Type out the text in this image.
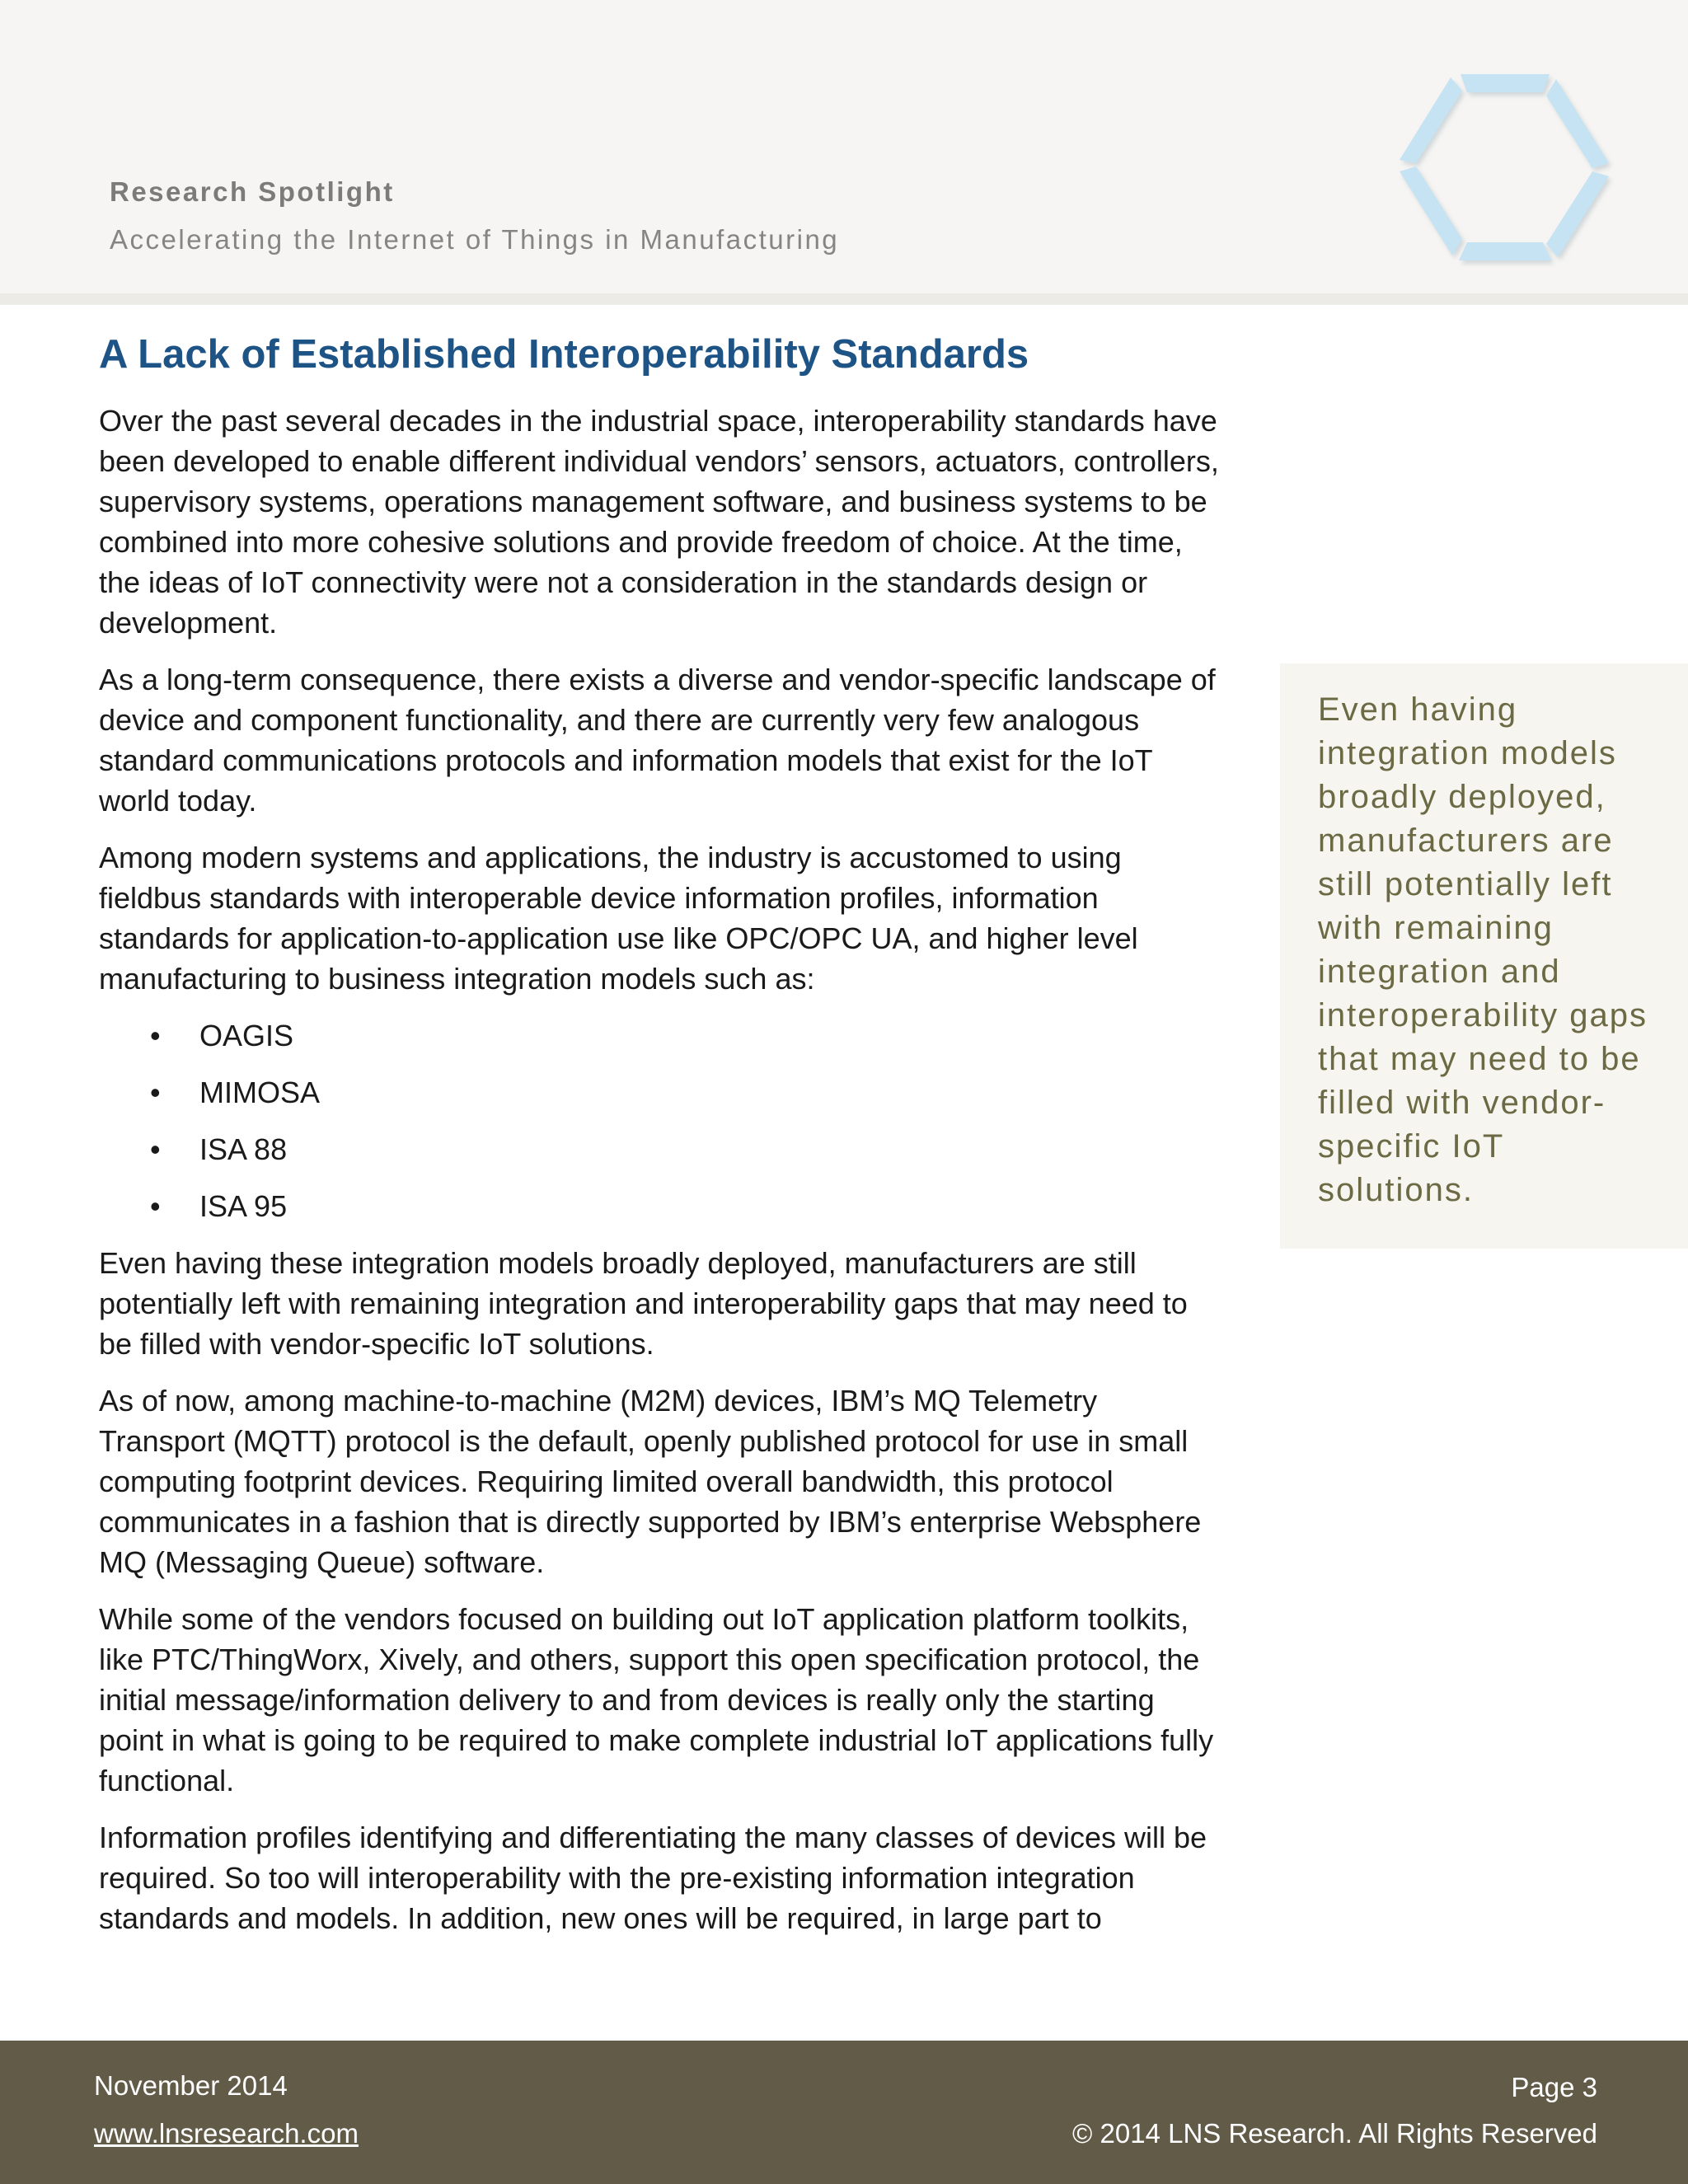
Research Spotlight
Accelerating the Internet of Things in Manufacturing
A Lack of Established Interoperability Standards

Over the past several decades in the industrial space, interoperability standards have been developed to enable different individual vendors’ sensors, actuators, controllers, supervisory systems, operations management software, and business systems to be combined into more cohesive solutions and provide freedom of choice. At the time, the ideas of IoT connectivity were not a consideration in the standards design or development.

As a long-term consequence, there exists a diverse and vendor-specific landscape of device and component functionality, and there are currently very few analogous standard communications protocols and information models that exist for the IoT world today.

Among modern systems and applications, the industry is accustomed to using fieldbus standards with interoperable device information profiles, information standards for application-to-application use like OPC/OPC UA, and higher level manufacturing to business integration models such as:

• OAGIS
• MIMOSA
• ISA 88
• ISA 95

Even having these integration models broadly deployed, manufacturers are still potentially left with remaining integration and interoperability gaps that may need to be filled with vendor-specific IoT solutions.

As of now, among machine-to-machine (M2M) devices, IBM’s MQ Telemetry Transport (MQTT) protocol is the default, openly published protocol for use in small computing footprint devices. Requiring limited overall bandwidth, this protocol communicates in a fashion that is directly supported by IBM’s enterprise Websphere MQ (Messaging Queue) software.

While some of the vendors focused on building out IoT application platform toolkits, like PTC/ThingWorx, Xively, and others, support this open specification protocol, the initial message/information delivery to and from devices is really only the starting point in what is going to be required to make complete industrial IoT applications fully functional.

Information profiles identifying and differentiating the many classes of devices will be required. So too will interoperability with the pre-existing information integration standards and models. In addition, new ones will be required, in large part to

Even having integration models broadly deployed, manufacturers are still potentially left with remaining integration and interoperability gaps that may need to be filled with vendor-specific IoT solutions.
November 2014
www.lnsresearch.com
Page 3
© 2014 LNS Research. All Rights Reserved
